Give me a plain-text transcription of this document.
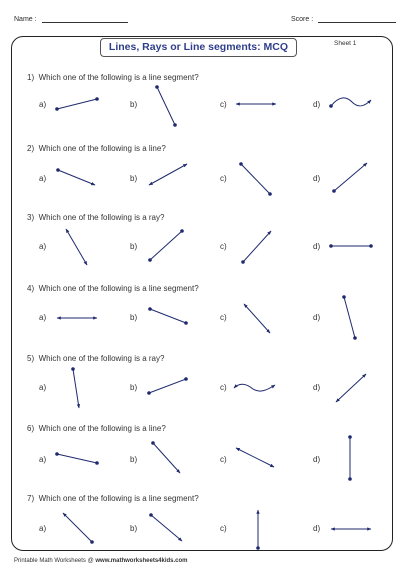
Name :	Score :
Lines, Rays or Line segments: MCQ	Sheet 1
1) Which one of the following is a line segment?
a)	b)	c)	d)
2) Which one of the following is a line?
a)	b)	c)	d)
3) Which one of the following is a ray?
a)	b)	c)	d)
4) Which one of the following is a line segment?
a)	b)	c)	d)
5) Which one of the following is a ray?
a)	b)	c)	d)
6) Which one of the following is a line?
a)	b)	c)	d)
7) Which one of the following is a line segment?
a)	b)	c)	d)
Printable Math Worksheets @ www.mathworksheets4kids.com
